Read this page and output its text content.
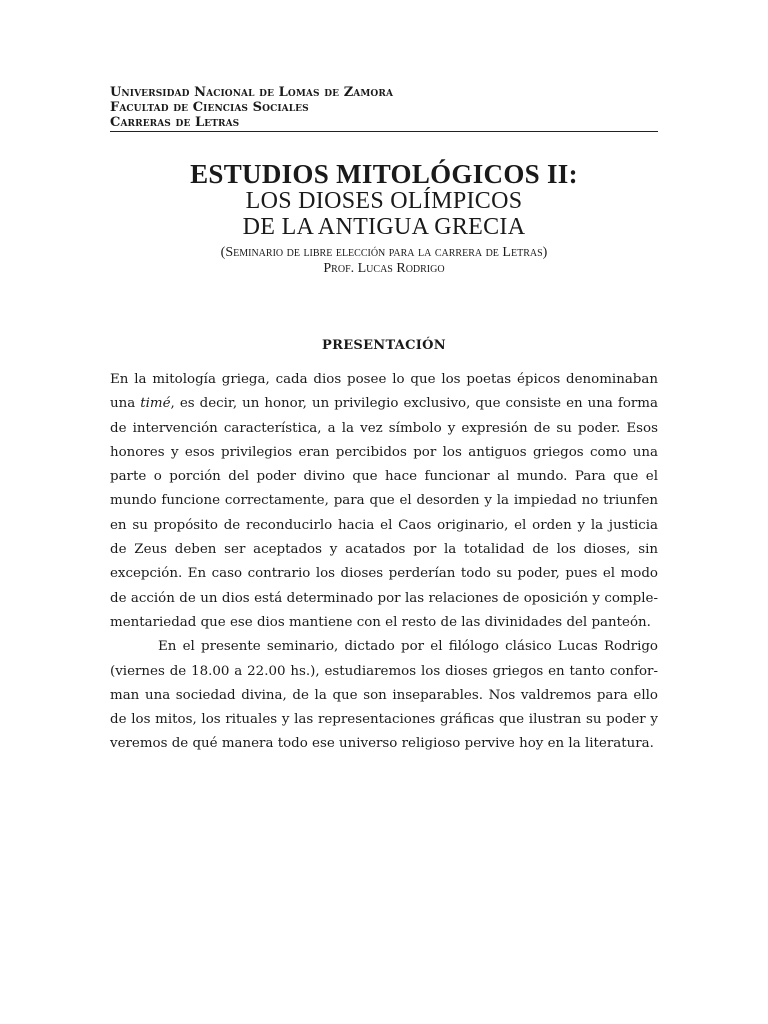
Universidad Nacional de Lomas de Zamora
Facultad de Ciencias Sociales
Carreras de Letras
ESTUDIOS MITOLÓGICOS II:
LOS DIOSES OLÍMPICOS
DE LA ANTIGUA GRECIA
(Seminario de libre elección para la carrera de Letras)
Prof. Lucas Rodrigo
PRESENTACIÓN

En la mitología griega, cada dios posee lo que los poetas épicos denominaban una timé, es decir, un honor, un privilegio exclusivo, que consiste en una forma de intervención característica, a la vez símbolo y expresión de su poder. Esos honores y esos privilegios eran percibidos por los antiguos griegos como una parte o porción del poder divino que hace funcionar al mundo. Para que el mundo funcione correctamente, para que el desorden y la impiedad no triunfen en su propósito de reconducirlo hacia el Caos originario, el orden y la justicia de Zeus deben ser aceptados y acatados por la totalidad de los dioses, sin excepción. En caso contrario los dioses perderían todo su poder, pues el modo de acción de un dios está determinado por las relaciones de oposición y complementariedad que ese dios mantiene con el resto de las divinidades del panteón.

En el presente seminario, dictado por el filólogo clásico Lucas Rodrigo (viernes de 18.00 a 22.00 hs.), estudiaremos los dioses griegos en tanto conforman una sociedad divina, de la que son inseparables. Nos valdremos para ello de los mitos, los rituales y las representaciones gráficas que ilustran su poder y veremos de qué manera todo ese universo religioso pervive hoy en la literatura.
